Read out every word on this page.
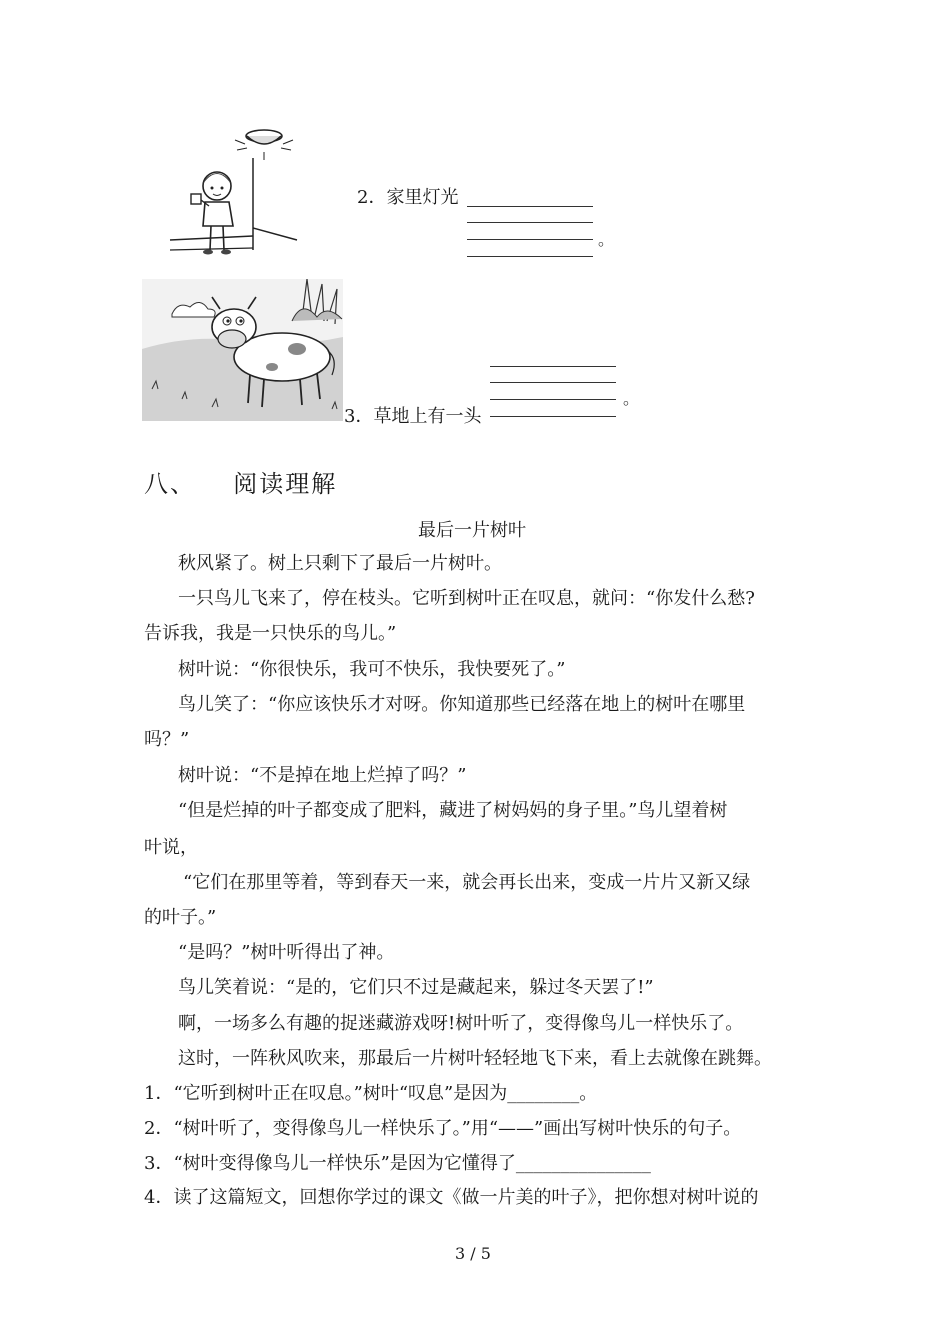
2．家里灯光
。
。
3．草地上有一头
八、 阅读理解
最后一片树叶
秋风紧了。树上只剩下了最后一片树叶。
一只鸟儿飞来了，停在枝头。它听到树叶正在叹息，就问：“你发什么愁?
告诉我，我是一只快乐的鸟儿。”
树叶说：“你很快乐，我可不快乐，我快要死了。”
鸟儿笑了：“你应该快乐才对呀。你知道那些已经落在地上的树叶在哪里
吗？”
树叶说：“不是掉在地上烂掉了吗？”
“但是烂掉的叶子都变成了肥料，藏进了树妈妈的身子里。”鸟儿望着树
叶说，
“它们在那里等着，等到春天一来，就会再长出来，变成一片片又新又绿
的叶子。”
“是吗？”树叶听得出了神。
鸟儿笑着说：“是的，它们只不过是藏起来，躲过冬天罢了!”
啊，一场多么有趣的捉迷藏游戏呀!树叶听了，变得像鸟儿一样快乐了。
这时，一阵秋风吹来，那最后一片树叶轻轻地飞下来，看上去就像在跳舞。
1．“它听到树叶正在叹息。”树叶“叹息”是因为________。
2．“树叶听了，变得像鸟儿一样快乐了。”用“——”画出写树叶快乐的句子。
3．“树叶变得像鸟儿一样快乐”是因为它懂得了_______________
4．读了这篇短文，回想你学过的课文《做一片美的叶子》，把你想对树叶说的
3 / 5
